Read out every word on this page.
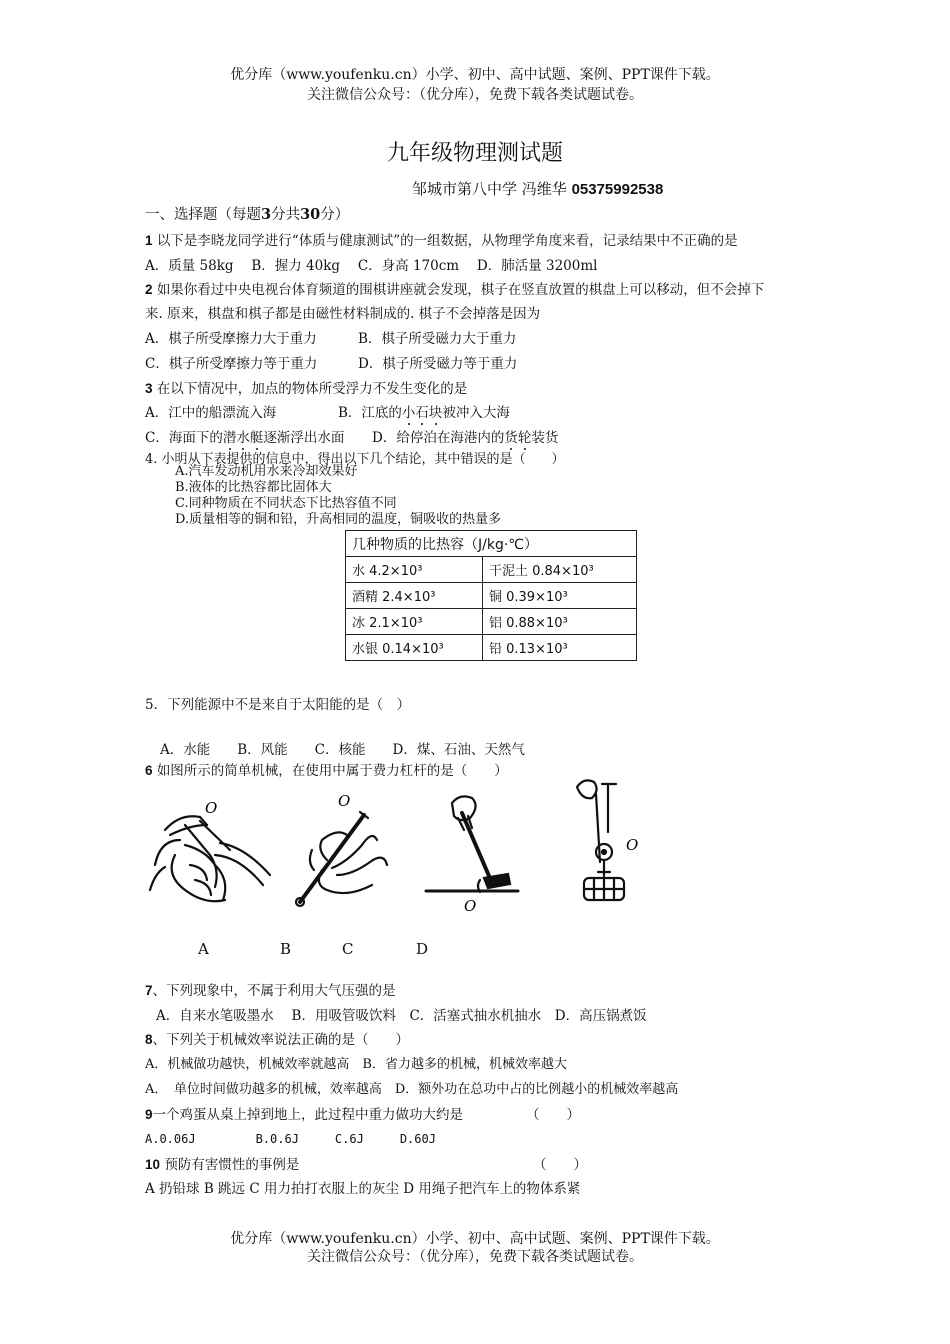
优分库（www.youfenku.cn）小学、初中、高中试题、案例、PPT课件下载。
关注微信公众号：（优分库），免费下载各类试题试卷。
九年级物理测试题
邹城市第八中学 冯维华 05375992538
一、选择题（每题3分共30分）
1 以下是李晓龙同学进行“体质与健康测试”的一组数据，从物理学角度来看，记录结果中不正确的是
A．质量 58kg　 B．握力 40kg　 C．身高 170cm　 D．肺活量 3200ml
2 如果你看过中央电视台体育频道的围棋讲座就会发现，棋子在竖直放置的棋盘上可以移动，但不会掉下
来. 原来，棋盘和棋子都是由磁性材料制成的. 棋子不会掉落是因为
A．棋子所受摩擦力大于重力	B．棋子所受磁力大于重力
C．棋子所受摩擦力等于重力	D．棋子所受磁力等于重力
3 在以下情况中，加点的物体所受浮力不发生变化的是
A．江中的船漂流入海	B．江底的小石块被冲入大海
C．海面下的潜水艇逐渐浮出水面 D．给停泊在海港内的货轮装货
4. 小明从下表提供的信息中，得出以下几个结论，其中错误的是（　　）
A.汽车发动机用水来冷却效果好
B.液体的比热容都比固体大
C.同种物质在不同状态下比热容值不同
D.质量相等的铜和铅，升高相同的温度，铜吸收的热量多
几种物质的比热容（J/kg·℃）	
水 4.2×10³	干泥土 0.84×10³
酒精 2.4×10³	铜 0.39×10³
冰 2.1×10³	铝 0.88×10³
水银 0.14×10³	铅 0.13×10³
5．下列能源中不是来自于太阳能的是（　）
A．水能　　B．风能　　C．核能　　D．煤、石油、天然气
6 如图所示的简单机械，在使用中属于费力杠杆的是（　　）
O	O
O
O
A	B	C	D
7、下列现象中，不属于利用大气压强的是
A．自来水笔吸墨水　 B．用吸管吸饮料　C．活塞式抽水机抽水　D．高压锅煮饭
8、下列关于机械效率说法正确的是（　　）
A．机械做功越快，机械效率就越高　B．省力越多的机械，机械效率越大
A．　单位时间做功越多的机械，效率越高　D．额外功在总功中占的比例越小的机械效率越高
9一个鸡蛋从桌上掉到地上，此过程中重力做功大约是	（　　）
A.0.06J　　　　　B.0.6J　　　C.6J　　　D.60J
10 预防有害惯性的事例是	（　　）
A 扔铅球 B 跳远 C 用力拍打衣服上的灰尘 D 用绳子把汽车上的物体系紧
优分库（www.youfenku.cn）小学、初中、高中试题、案例、PPT课件下载。
关注微信公众号：（优分库），免费下载各类试题试卷。
